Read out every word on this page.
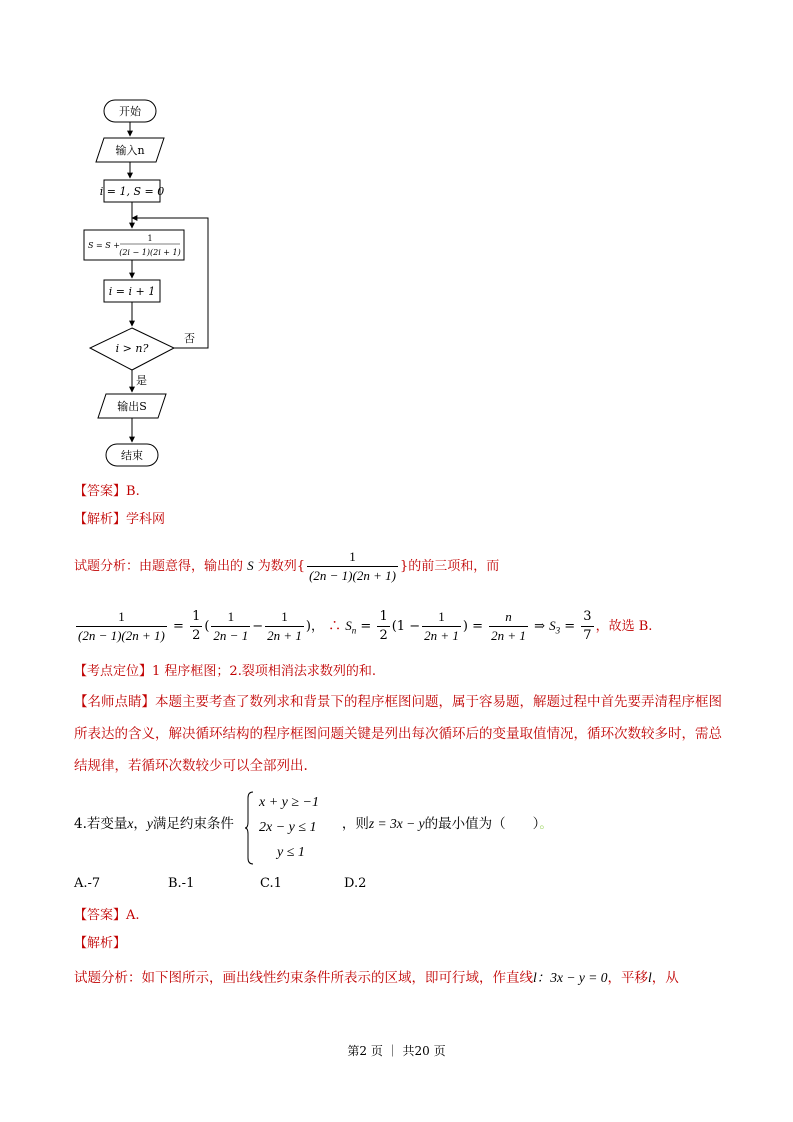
开始
输入n
i = 1, S = 0
S = S +
1
(2i − 1)(2i + 1)
i = i + 1
i > n?
否
是
输出S
结束
【答案】B.
【解析】学科网
试题分析：由题意得，输出的 S 为数列{ $\frac{1}{(2n - 1)(2n + 1)}$ }的前三项和，而
$\frac{1}{(2n - 1)(2n + 1)} = \frac{1}{2}$ ( $\frac{1}{2n - 1} - \frac{1}{2n + 1}$ )， ∴ $S_n = \frac{1}{2} (1 - \frac{1}{2n + 1}$ ) = $\frac{n}{2n + 1}$ ⇒ $S_3 = \frac{3}{7}$ ，故选 B.
【考点定位】1 程序框图；2.裂项相消法求数列的和.
【名师点睛】本题主要考查了数列求和背景下的程序框图问题，属于容易题，解题过程中首先要弄清程序框图所表达的含义，解决循环结构的程序框图问题关键是列出每次循环后的变量取值情况，循环次数较多时，需总结规律，若循环次数较少可以全部列出.
4.若变量x，y满足约束条件	，则z = 3x − y的最小值为（　　）。
x + y ≥ −1
2x − y ≤ 1
y ≤ 1
A.-7	B.-1	C.1	D.2
【答案】A.
【解析】
试题分析：如下图所示，画出线性约束条件所表示的区域，即可行域，作直线l：3x − y = 0，平移l，从
第2 页 ｜ 共20 页
